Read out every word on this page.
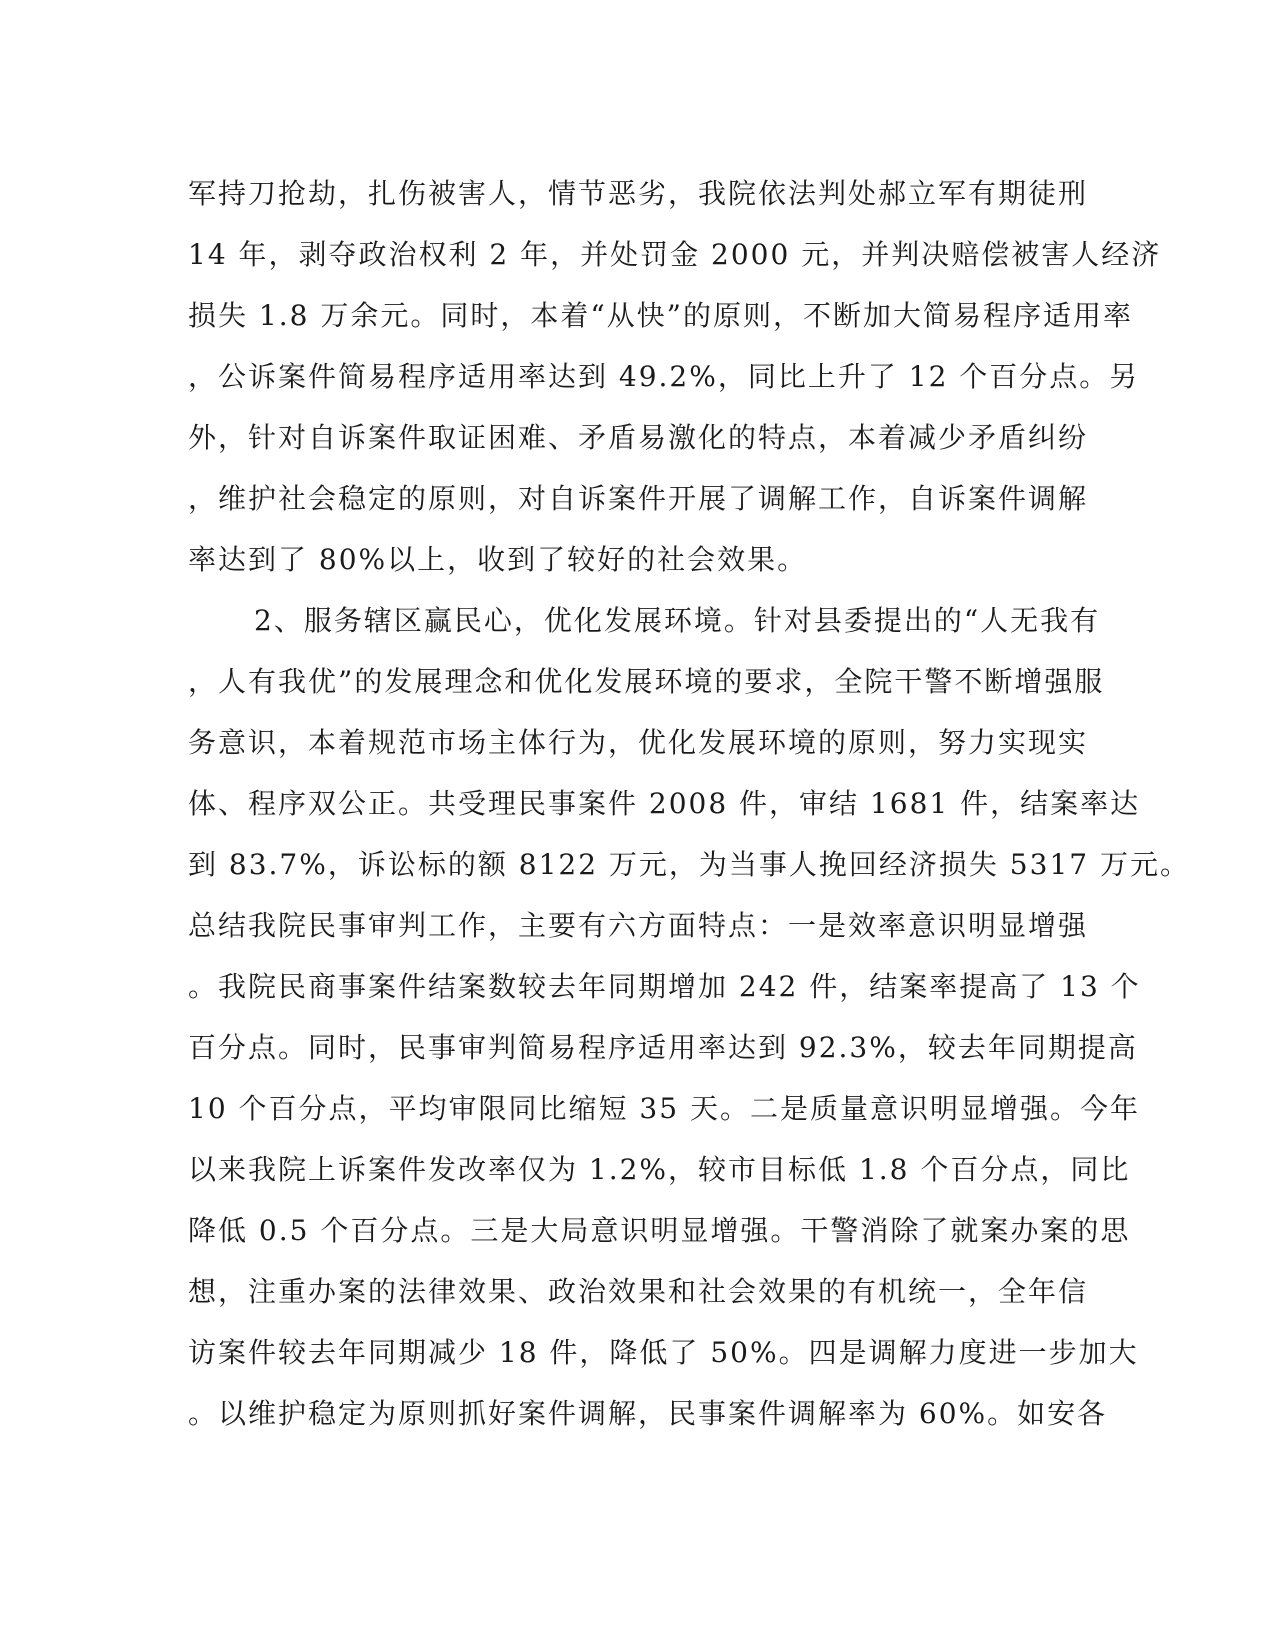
军持刀抢劫，扎伤被害人，情节恶劣，我院依法判处郝立军有期徒刑
14 年，剥夺政治权利 2 年，并处罚金 2000 元，并判决赔偿被害人经济
损失 1.8 万余元。同时，本着“从快”的原则，不断加大简易程序适用率
，公诉案件简易程序适用率达到 49.2%，同比上升了 12 个百分点。另
外，针对自诉案件取证困难、矛盾易激化的特点，本着减少矛盾纠纷
，维护社会稳定的原则，对自诉案件开展了调解工作，自诉案件调解
率达到了 80%以上，收到了较好的社会效果。
2、服务辖区赢民心，优化发展环境。针对县委提出的“人无我有
，人有我优”的发展理念和优化发展环境的要求，全院干警不断增强服
务意识，本着规范市场主体行为，优化发展环境的原则，努力实现实
体、程序双公正。共受理民事案件 2008 件，审结 1681 件，结案率达
到 83.7%，诉讼标的额 8122 万元，为当事人挽回经济损失 5317 万元。
总结我院民事审判工作，主要有六方面特点：一是效率意识明显增强
。我院民商事案件结案数较去年同期增加 242 件，结案率提高了 13 个
百分点。同时，民事审判简易程序适用率达到 92.3%，较去年同期提高
10 个百分点，平均审限同比缩短 35 天。二是质量意识明显增强。今年
以来我院上诉案件发改率仅为 1.2%，较市目标低 1.8 个百分点，同比
降低 0.5 个百分点。三是大局意识明显增强。干警消除了就案办案的思
想，注重办案的法律效果、政治效果和社会效果的有机统一，全年信
访案件较去年同期减少 18 件，降低了 50%。四是调解力度进一步加大
。以维护稳定为原则抓好案件调解，民事案件调解率为 60%。如安各
